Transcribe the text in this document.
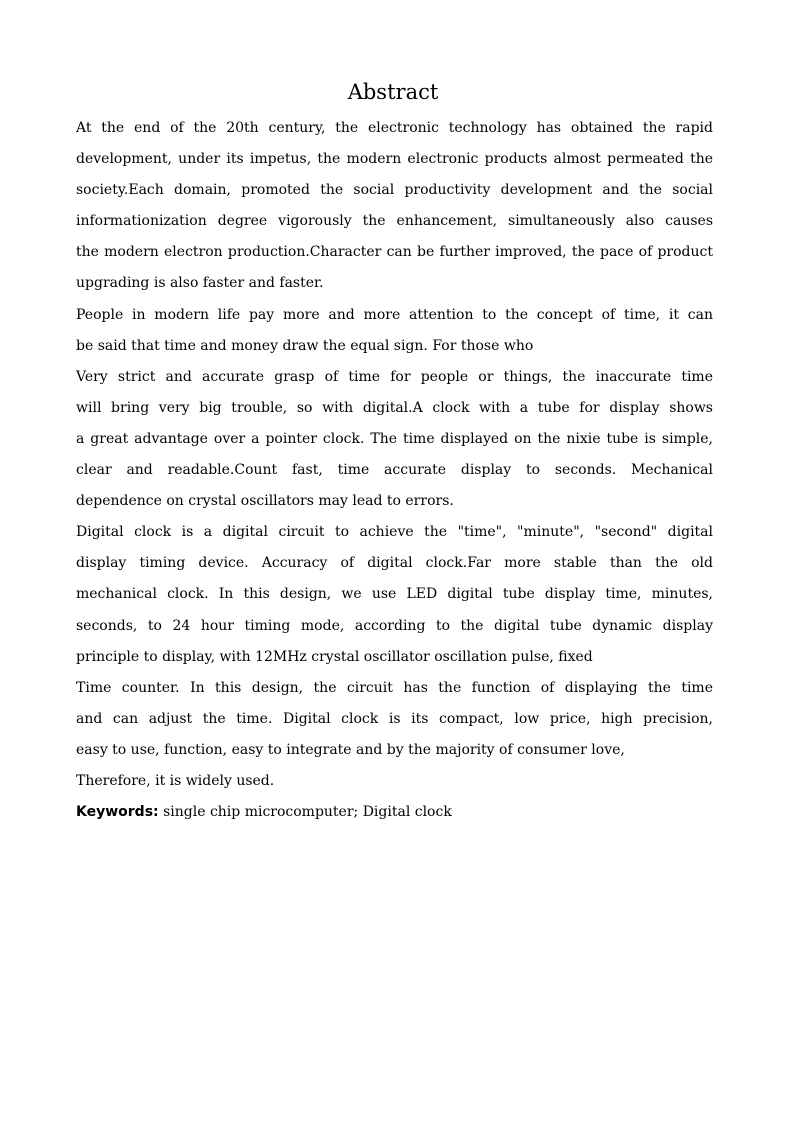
Abstract
At the end of the 20th century, the electronic technology has obtained the rapid
development, under its impetus, the modern electronic products almost permeated the
society.Each domain, promoted the social productivity development and the social
informationization degree vigorously the enhancement, simultaneously also causes
the modern electron production.Character can be further improved, the pace of product
upgrading is also faster and faster.
People in modern life pay more and more attention to the concept of time, it can
be said that time and money draw the equal sign. For those who
Very strict and accurate grasp of time for people or things, the inaccurate time
will bring very big trouble, so with digital.A clock with a tube for display shows
a great advantage over a pointer clock. The time displayed on the nixie tube is simple,
clear and readable.Count fast, time accurate display to seconds. Mechanical
dependence on crystal oscillators may lead to errors.
Digital clock is a digital circuit to achieve the "time", "minute", "second" digital
display timing device. Accuracy of digital clock.Far more stable than the old
mechanical clock. In this design, we use LED digital tube display time, minutes,
seconds, to 24 hour timing mode, according to the digital tube dynamic display
principle to display, with 12MHz crystal oscillator oscillation pulse, fixed
Time counter. In this design, the circuit has the function of displaying the time
and can adjust the time. Digital clock is its compact, low price, high precision,
easy to use, function, easy to integrate and by the majority of consumer love,
Therefore, it is widely used.
Keywords: single chip microcomputer; Digital clock
